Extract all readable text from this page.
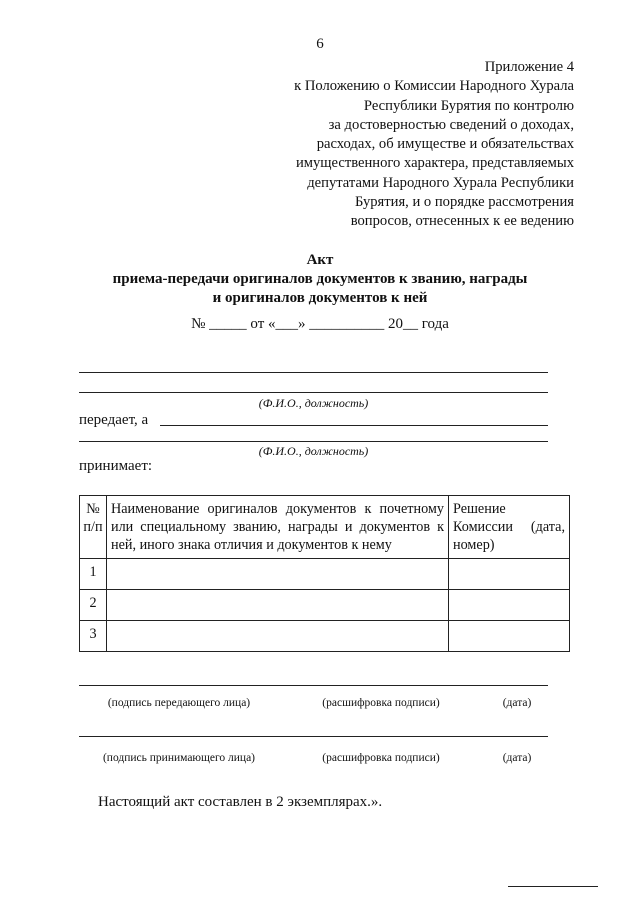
6
Приложение 4
к Положению о Комиссии Народного Хурала
Республики Бурятия по контролю
за достоверностью сведений о доходах,
расходах, об имуществе и обязательствах
имущественного характера, представляемых
депутатами Народного Хурала Республики
Бурятия, и о порядке рассмотрения
вопросов, отнесенных к ее ведению
Акт
приема-передачи оригиналов документов к званию, награды
и оригиналов документов к ней
№ _____ от «___» __________ 20__ года
(Ф.И.О., должность)
передает, а
(Ф.И.О., должность)
принимает:
№ п/п	Наименование оригиналов документов к почетному или специальному званию, награды и документов к ней, иного знака отличия и документов к нему	Решение Комиссии (дата, номер)
1		
2		
3		
(подпись передающего лица)	(расшифровка подписи)	(дата)
(подпись принимающего лица)	(расшифровка подписи)	(дата)
Настоящий акт составлен в 2 экземплярах.».
